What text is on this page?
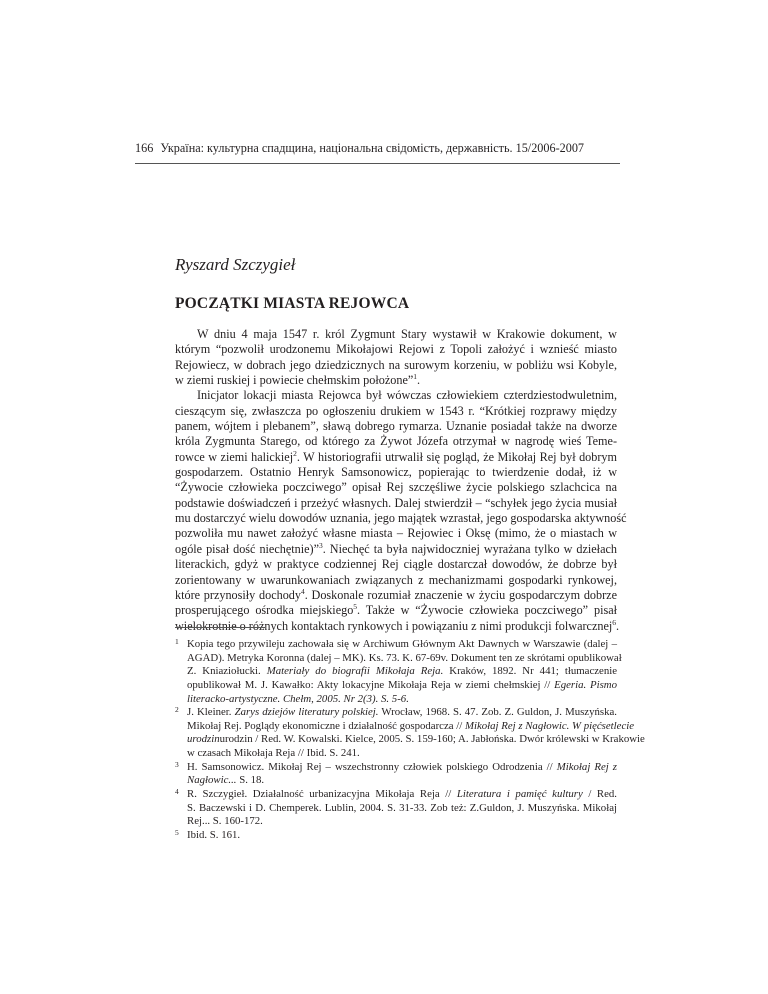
166 Україна: культурна спадщина, національна свідомість, державність. 15/2006-2007
Ryszard Szczygieł
POCZĄTKI MIASTA REJOWCA
W dniu 4 maja 1547 r. król Zygmunt Stary wystawił w Krakowie dokument, w
którym “pozwolił urodzonemu Mikołajowi Rejowi z Topoli założyć i wznieść miasto
Rejowiecz, w dobrach jego dziedzicznych na surowym korzeniu, w pobliżu wsi Kobyle,
w ziemi ruskiej i powiecie chełmskim położone”$^1$.
Inicjator lokacji miasta Rejowca był wówczas człowiekiem czterdziestodwuletnim,
cieszącym się, zwłaszcza po ogłoszeniu drukiem w 1543 r. “Krótkiej rozprawy między
panem, wójtem i plebanem”, sławą dobrego rymarza. Uznanie posiadał także na dworze
króla Zygmunta Starego, od którego za Żywot Józefa otrzymał w nagrodę wieś Teme-
rowce w ziemi halickiej$^2$. W historiografii utrwalił się pogląd, że Mikołaj Rej był dobrym
gospodarzem. Ostatnio Henryk Samsonowicz, popierając to twierdzenie dodał, iż w
“Żywocie człowieka poczciwego” opisał Rej szczęśliwe życie polskiego szlachcica na
podstawie doświadczeń i przeżyć własnych. Dalej stwierdził – “schyłek jego życia musiał
mu dostarczyć wielu dowodów uznania, jego majątek wzrastał, jego gospodarska aktywność
pozwoliła mu nawet założyć własne miasta – Rejowiec i Oksę (mimo, że o miastach w
ogóle pisał dość niechętnie)”$^3$. Niechęć ta była najwidoczniej wyrażana tylko w dziełach
literackich, gdyż w praktyce codziennej Rej ciągle dostarczał dowodów, że dobrze był
zorientowany w uwarunkowaniach związanych z mechanizmami gospodarki rynkowej,
które przynosiły dochody$^4$. Doskonale rozumiał znaczenie w życiu gospodarczym dobrze
prosperującego ośrodka miejskiego$^5$. Także w “Żywocie człowieka poczciwego” pisał
wielokrotnie o różnych kontaktach rynkowych i powiązaniu z nimi produkcji folwarcznej$^6$.
1 Kopia tego przywileju zachowała się w Archiwum Głównym Akt Dawnych w Warszawie (dalej –
AGAD). Metryka Koronna (dalej – MK). Ks. 73. K. 67-69v. Dokument ten ze skrótami opublikował
Z. Kniaziołucki. Materiały do biografii Mikołaja Reja. Kraków, 1892. Nr 441; tłumaczenie
opublikował M. J. Kawałko: Akty lokacyjne Mikołaja Reja w ziemi chełmskiej // Egeria. Pismo
literacko-artystyczne. Chełm, 2005. Nr 2(3). S. 5-6.
2 J. Kleiner. Zarys dziejów literatury polskiej. Wrocław, 1968. S. 47. Zob. Z. Guldon, J. Muszyńska.
Mikołaj Rej. Poglądy ekonomiczne i działalność gospodarcza // Mikołaj Rej z Nagłowic. W pięćsetlecie
urodzinurodzin / Red. W. Kowalski. Kielce, 2005. S. 159-160; A. Jabłońska. Dwór królewski w Krakowie
w czasach Mikołaja Reja // Ibid. S. 241.
3 H. Samsonowicz. Mikołaj Rej – wszechstronny człowiek polskiego Odrodzenia // Mikołaj Rej z
Nagłowic... S. 18.
4 R. Szczygieł. Działalność urbanizacyjna Mikołaja Reja // Literatura i pamięć kultury / Red.
S. Baczewski i D. Chemperek. Lublin, 2004. S. 31-33. Zob też: Z.Guldon, J. Muszyńska. Mikołaj
Rej... S. 160-172.
5 Ibid. S. 161.
